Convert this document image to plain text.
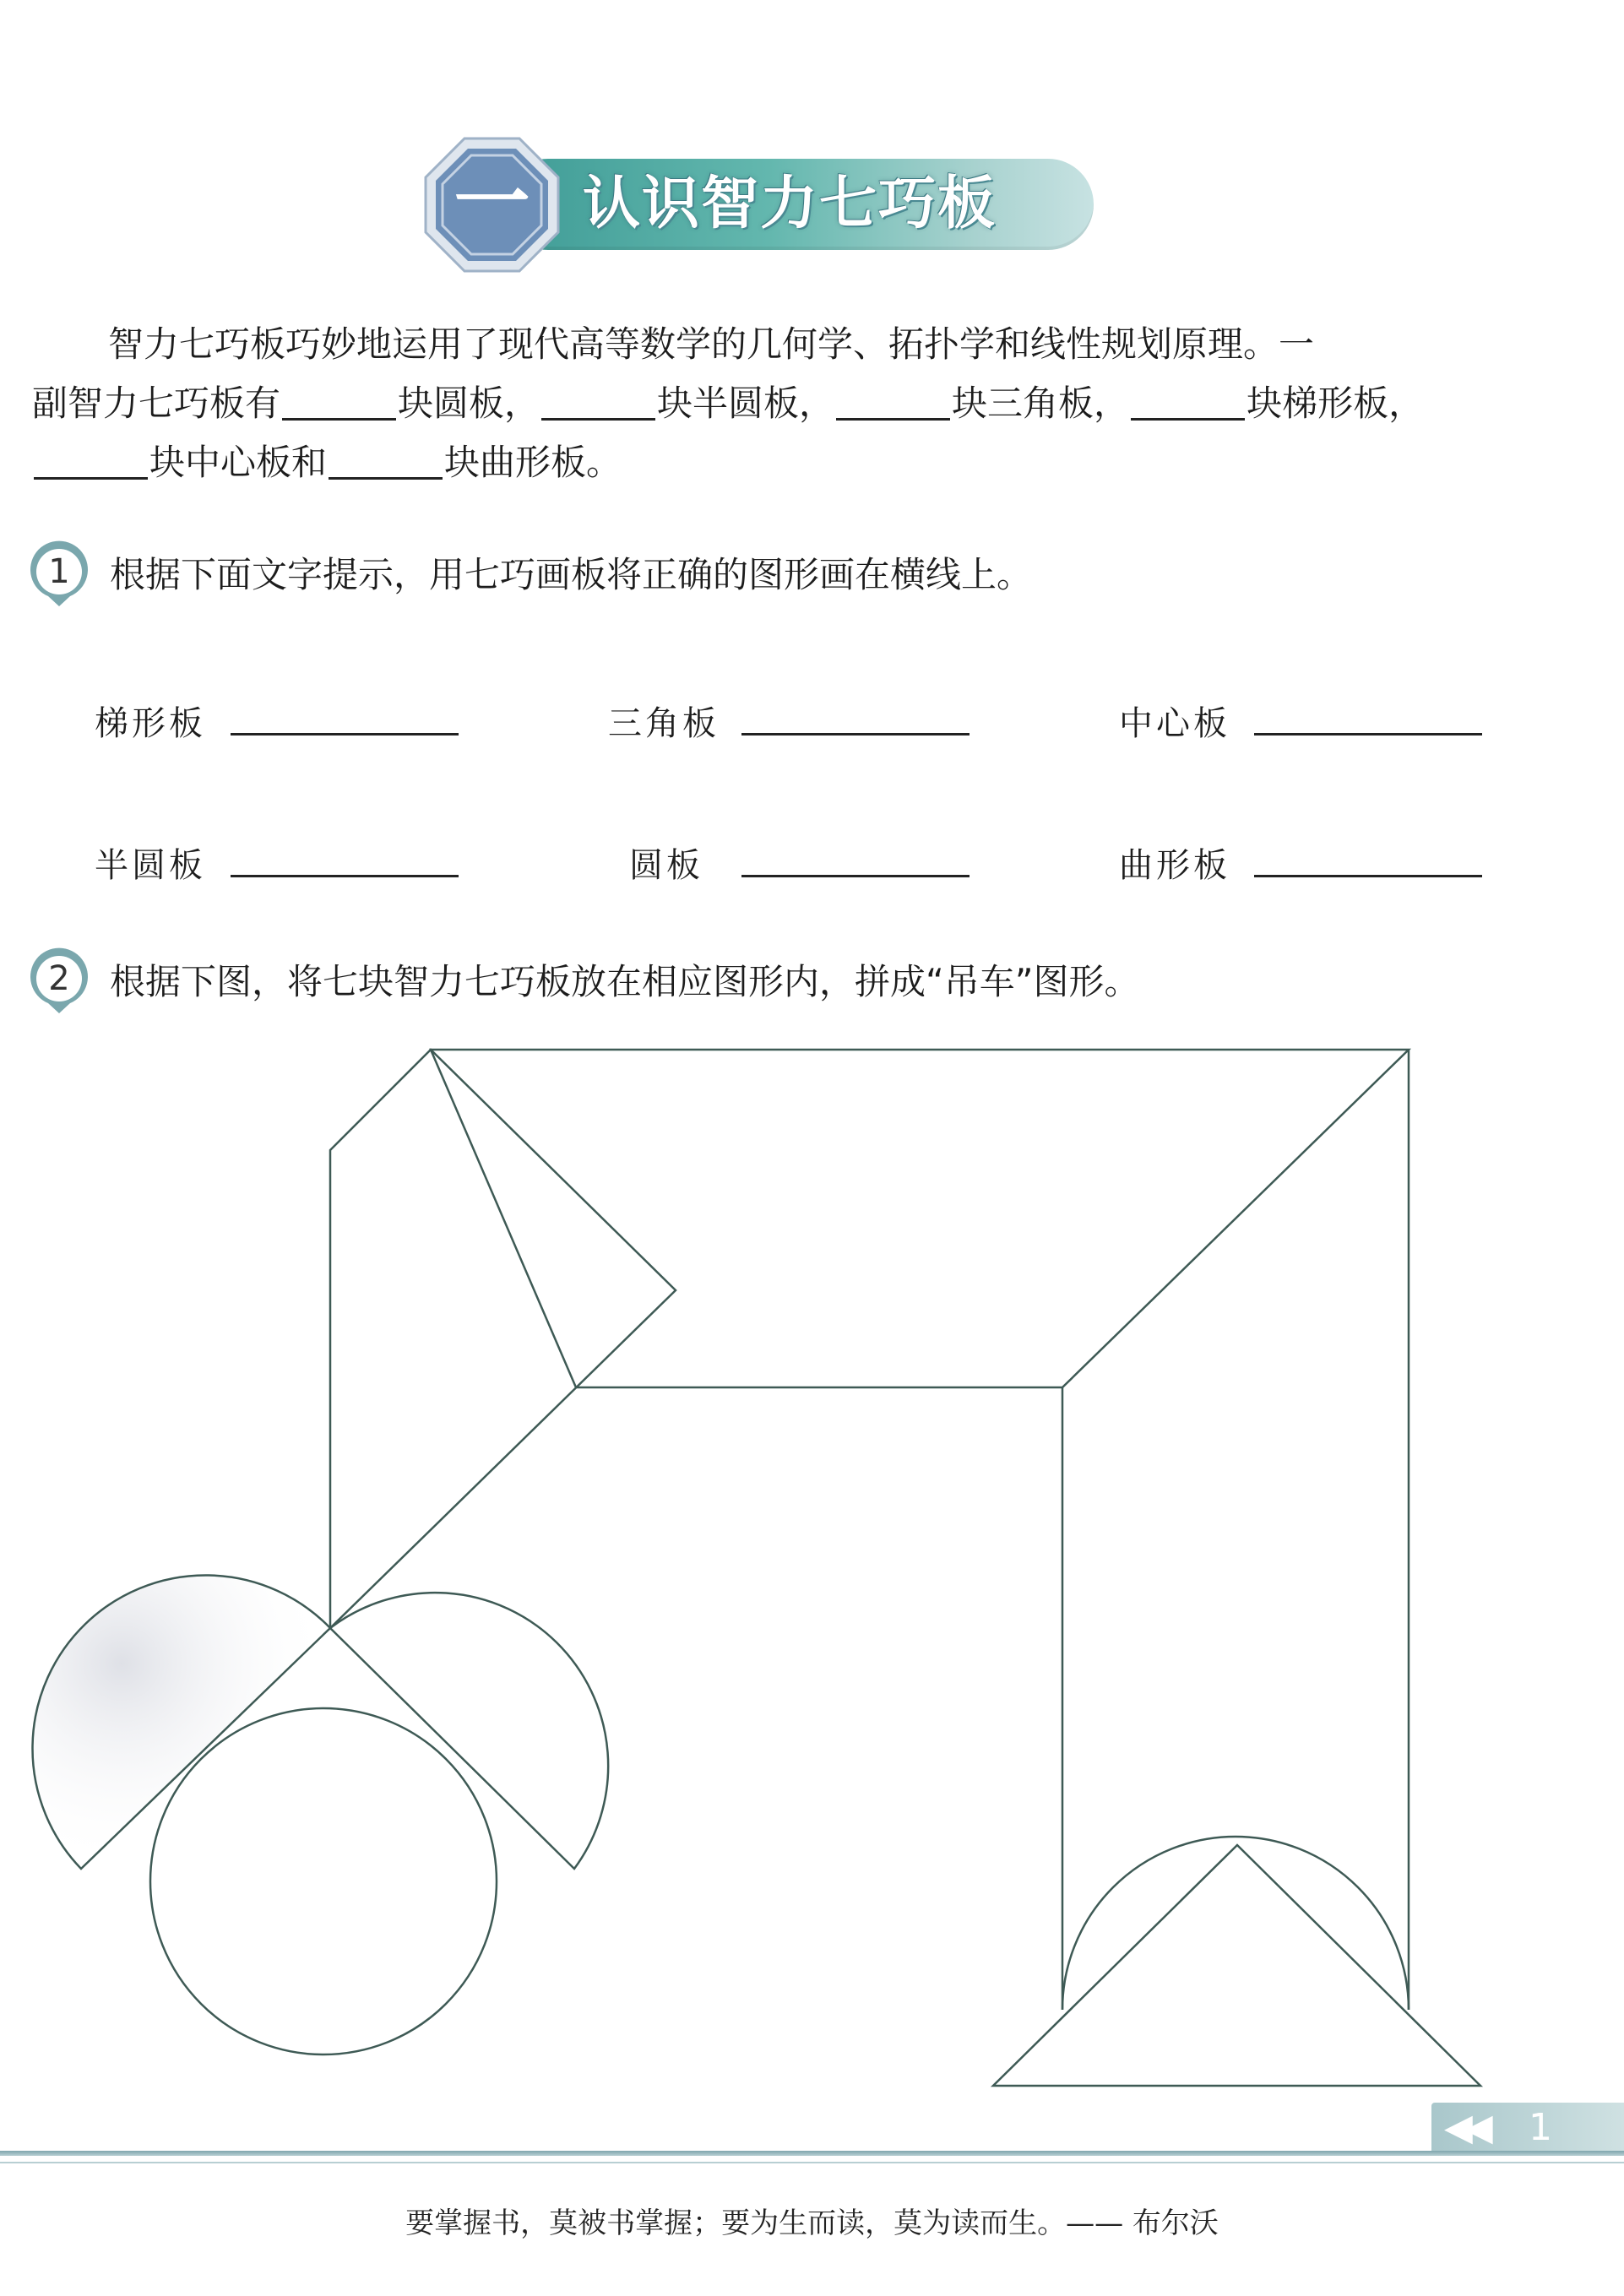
认识智力七巧板
一
智力七巧板巧妙地运用了现代高等数学的几何学、拓扑学和线性规划原理。一
副智力七巧板有	块圆板，	块半圆板，	块三角板，	块梯形板，
块中心板和	块曲形板。
1	根据下面文字提示，用七巧画板将正确的图形画在横线上。
梯形板	三角板	中心板
半圆板	圆板	曲形板
2	根据下图，将七块智力七巧板放在相应图形内，拼成“吊车”图形。
◀◀ 1
要掌握书，莫被书掌握；要为生而读，莫为读而生。—— 布尔沃
